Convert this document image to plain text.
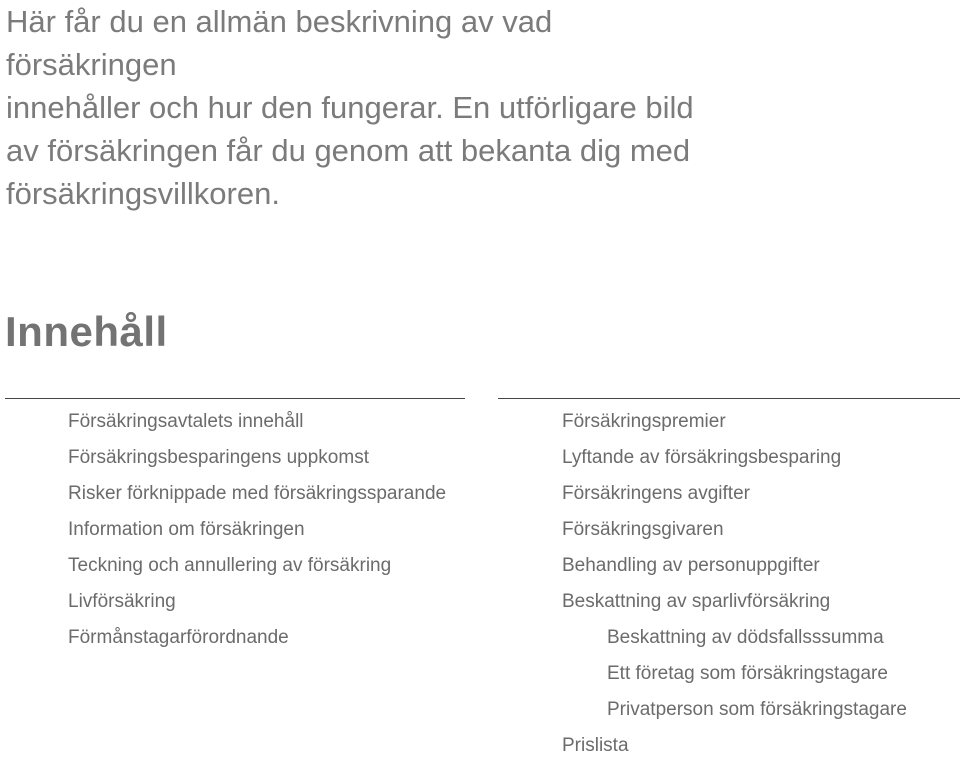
Här får du en allmän beskrivning av vad försäkringen
innehåller och hur den fungerar. En utförligare bild
av försäkringen får du genom att bekanta dig med
försäkringsvillkoren.

Innehåll
Försäkringsavtalets innehåll
Försäkringsbesparingens uppkomst
Risker förknippade med försäkringssparande
Information om försäkringen
Teckning och annullering av försäkring
Livförsäkring
Förmånstagarförordnande
Försäkringspremier
Lyftande av försäkringsbesparing
Försäkringens avgifter
Försäkringsgivaren
Behandling av personuppgifter
Beskattning av sparlivförsäkring
Beskattning av dödsfallsssumma
Ett företag som försäkringstagare
Privatperson som försäkringstagare
Prislista
